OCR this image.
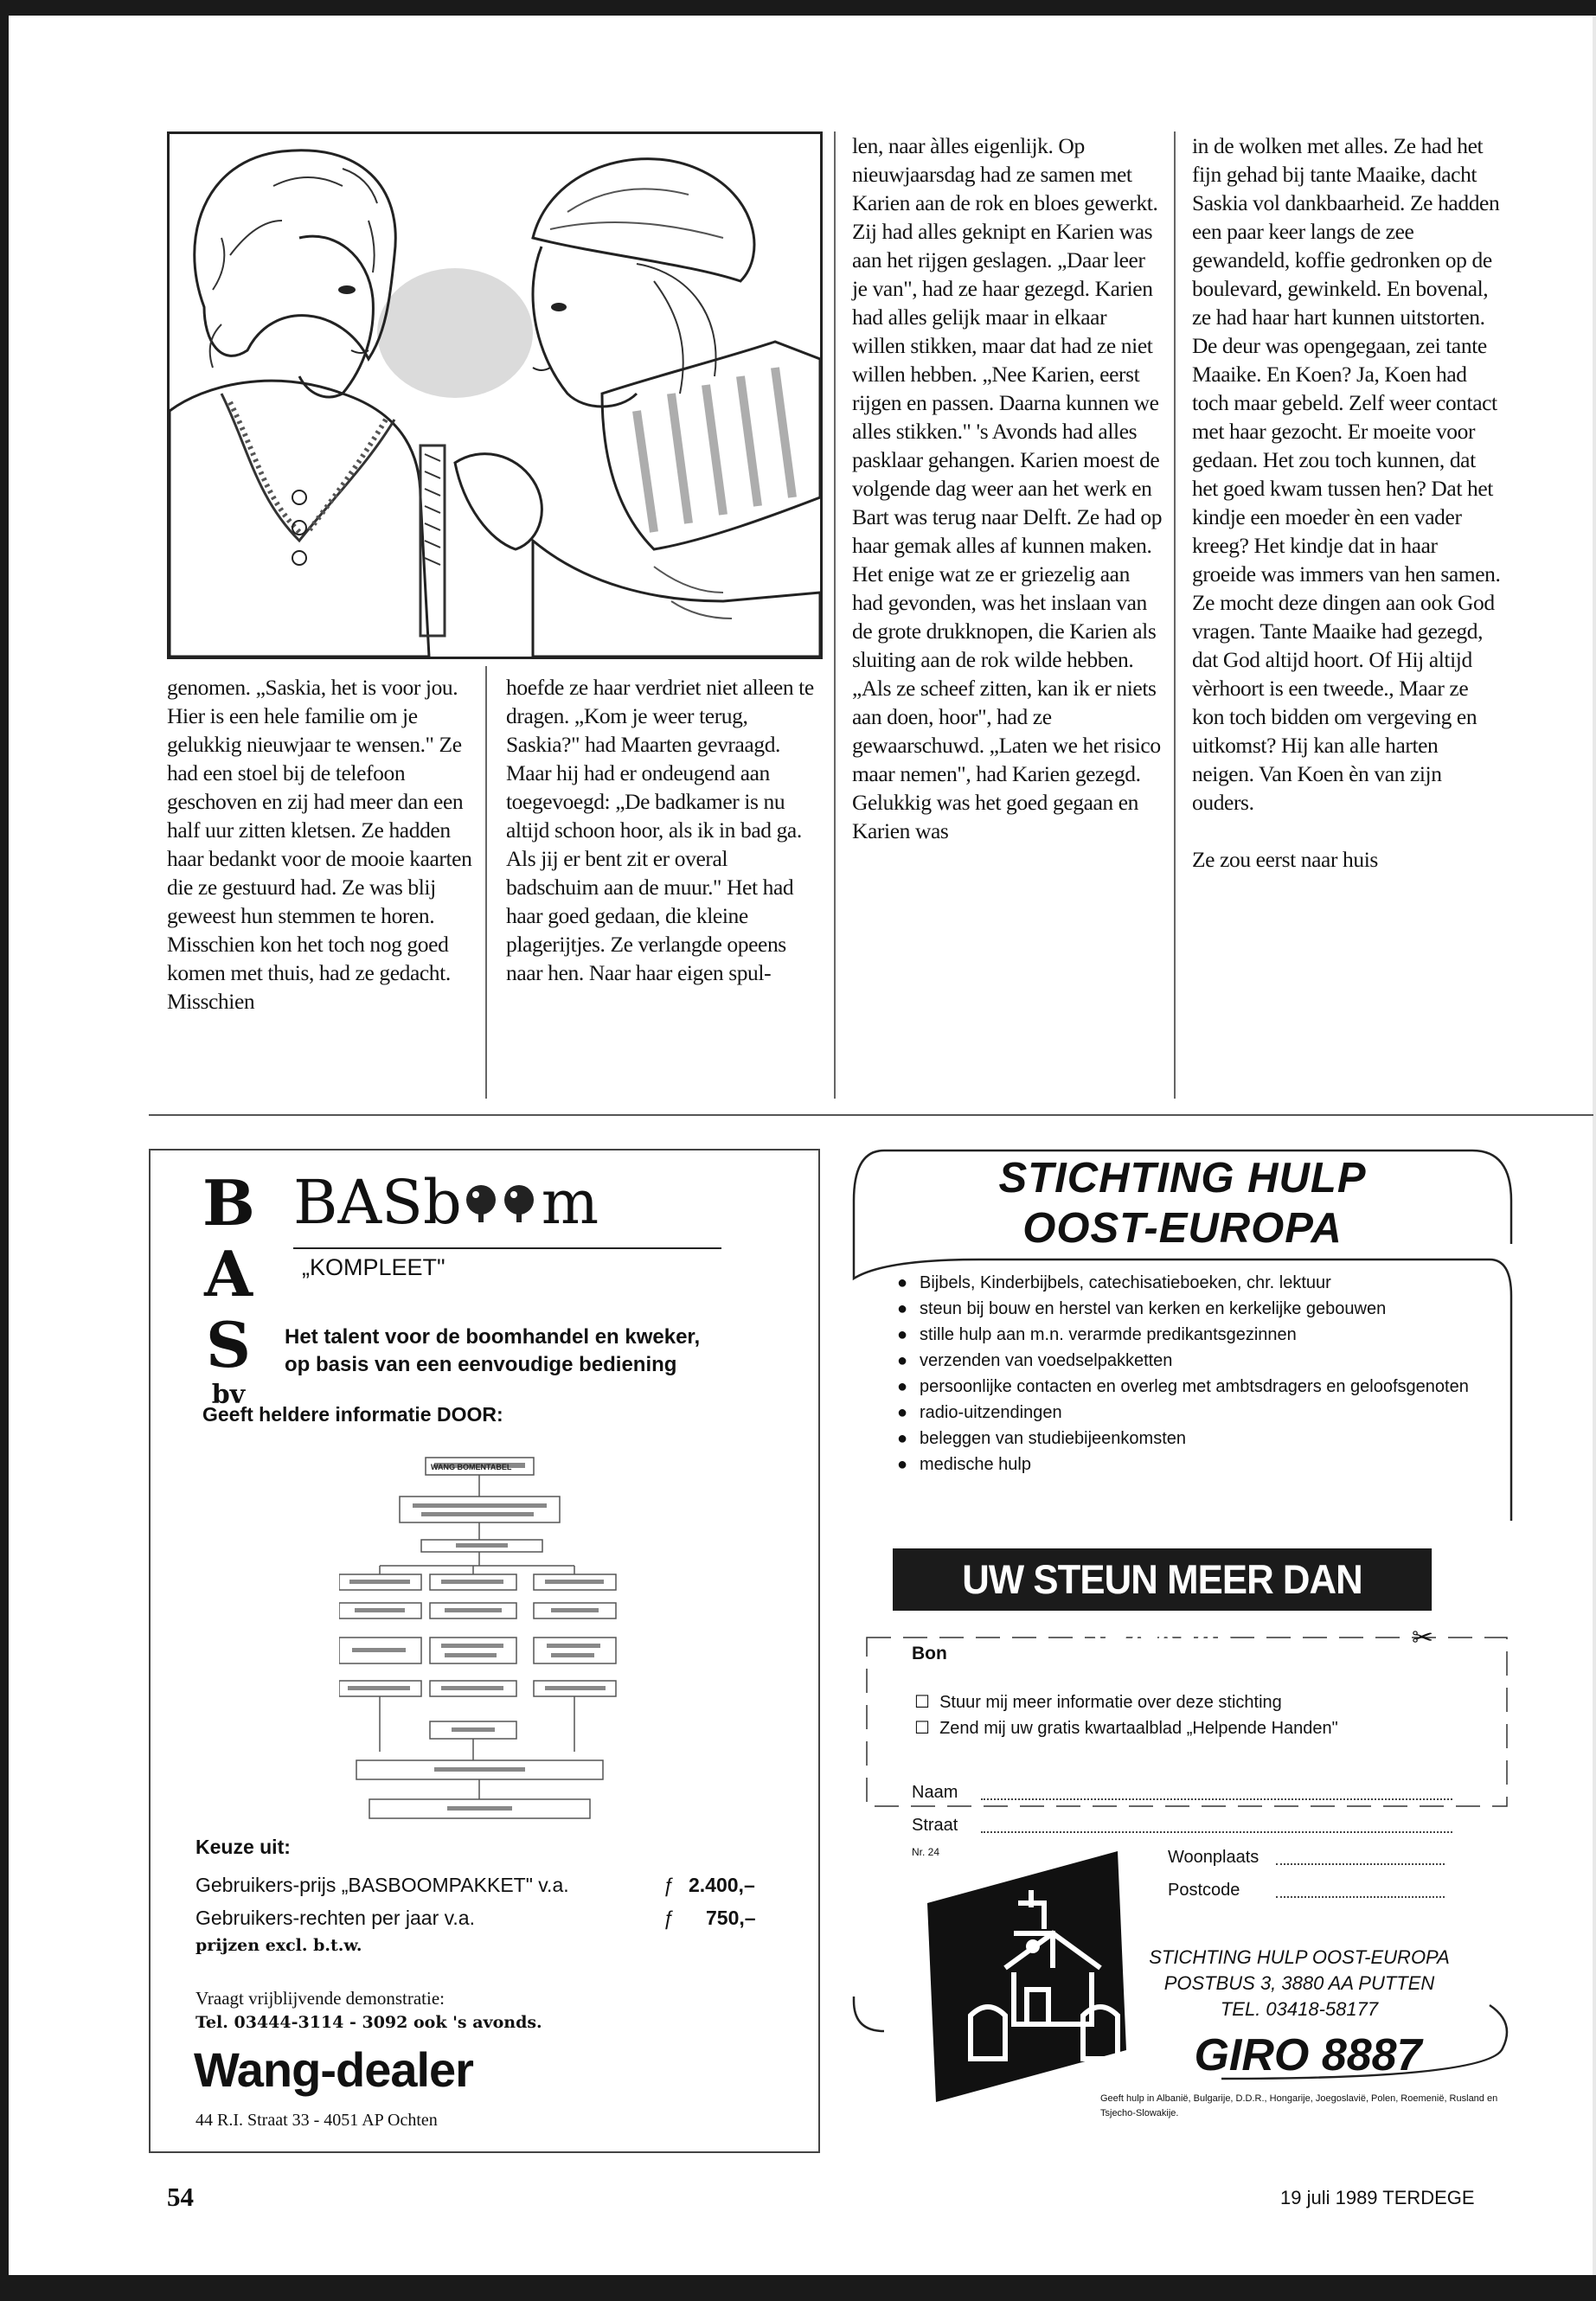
genomen. „Saskia, het is voor jou. Hier is een hele familie om je gelukkig nieuwjaar te wensen." Ze had een stoel bij de telefoon geschoven en zij had meer dan een half uur zitten kletsen. Ze hadden haar bedankt voor de mooie kaarten die ze gestuurd had. Ze was blij geweest hun stemmen te horen. Misschien kon het toch nog goed komen met thuis, had ze gedacht. Misschien

hoefde ze haar verdriet niet alleen te dragen. „Kom je weer terug, Saskia?" had Maarten gevraagd. Maar hij had er ondeugend aan toegevoegd: „De badkamer is nu altijd schoon hoor, als ik in bad ga. Als jij er bent zit er overal badschuim aan de muur." Het had haar goed gedaan, die kleine plagerijtjes. Ze verlangde opeens naar hen. Naar haar eigen spul-

len, naar àlles eigenlijk. Op nieuwjaarsdag had ze samen met Karien aan de rok en bloes gewerkt. Zij had alles geknipt en Karien was aan het rijgen geslagen. „Daar leer je van", had ze haar gezegd. Karien had alles gelijk maar in elkaar willen stikken, maar dat had ze niet willen hebben. „Nee Karien, eerst rijgen en passen. Daarna kunnen we alles stikken." 's Avonds had alles pasklaar gehangen. Karien moest de volgende dag weer aan het werk en Bart was terug naar Delft. Ze had op haar gemak alles af kunnen maken. Het enige wat ze er griezelig aan had gevonden, was het inslaan van de grote drukknopen, die Karien als sluiting aan de rok wilde hebben. „Als ze scheef zitten, kan ik er niets aan doen, hoor", had ze gewaarschuwd. „Laten we het risico maar nemen", had Karien gezegd. Gelukkig was het goed gegaan en Karien was

in de wolken met alles. Ze had het fijn gehad bij tante Maaike, dacht Saskia vol dankbaarheid. Ze hadden een paar keer langs de zee gewandeld, koffie gedronken op de boulevard, gewinkeld. En bovenal, ze had haar hart kunnen uitstorten. De deur was opengegaan, zei tante Maaike. En Koen? Ja, Koen had toch maar gebeld. Zelf weer contact met haar gezocht. Er moeite voor gedaan. Het zou toch kunnen, dat het goed kwam tussen hen? Dat het kindje een moeder èn een vader kreeg? Het kindje dat in haar groeide was immers van hen samen. Ze mocht deze dingen aan ook God vragen. Tante Maaike had gezegd, dat God altijd hoort. Of Hij altijd vèrhoort is een tweede., Maar ze kon toch bidden om vergeving en uitkomst? Hij kan alle harten neigen. Van Koen èn van zijn ouders.

Ze zou eerst naar huis

B
A
S
bv
BASb m
„KOMPLEET"
Het talent voor de boomhandel en kweker,
op basis van een eenvoudige bediening
Geeft heldere informatie DOOR:
WANG BOMENTABEL
Keuze uit:
Gebruikers-prijs „BASBOOMPAKKET" v.a.	ƒ 2.400,–
Gebruikers-rechten per jaar v.a.	ƒ	750,–
prijzen excl. b.t.w.
Vraagt vrijblijvende demonstratie:
Tel. 03444-3114 - 3092 ook 's avonds.
Wang-dealer
44 R.I. Straat 33 - 4051 AP Ochten
STICHTING HULP
OOST-EUROPA
● Bijbels, Kinderbijbels, catechisatieboeken, chr. lektuur
● steun bij bouw en herstel van kerken en kerkelijke gebouwen
● stille hulp aan m.n. verarmde predikantsgezinnen
● verzenden van voedselpakketten
● persoonlijke contacten en overleg met ambtsdragers en geloofsgenoten
● radio-uitzendingen
● beleggen van studiebijeenkomsten
● medische hulp
UW STEUN MEER DAN WAARD	✂
Bon
☐ Stuur mij meer informatie over deze stichting
☐ Zend mij uw gratis kwartaalblad „Helpende Handen"
Naam
Straat
Nr. 24	Woonplaats
Postcode
STICHTING HULP OOST-EUROPA
POSTBUS 3, 3880 AA PUTTEN
TEL. 03418-58177
GIRO 8887
Geeft hulp in Albanië, Bulgarije, D.D.R., Hongarije, Joegoslavië, Polen, Roemenië, Rusland en Tsjecho-Slowakije.
54	19 juli 1989 TERDEGE
